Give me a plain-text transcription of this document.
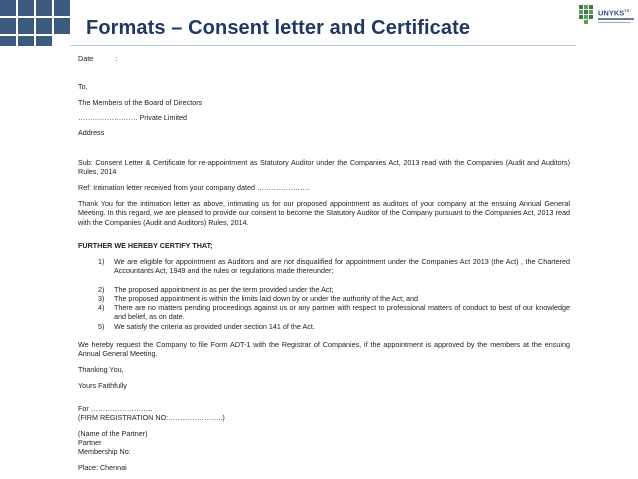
Formats – Consent letter and Certificate
$UNYKS^{TS}$
Date	:
To,
The Members of the Board of Directors
……………………. Private Limited
Address
Sub: Consent Letter & Certificate for re-appointment as Statutory Auditor under the Companies Act, 2013 read with the Companies (Audit and Auditors) Rules, 2014
Ref: Intimation letter received from your company dated ………………….
Thank You for the intimation letter as above, intimating us for our proposed appointment as auditors of your company at the ensuing Annual General Meeting. In this regard, we are pleased to provide our consent to become the Statutory Auditor of the Company pursuant to the Companies Act, 2013 read with the Companies (Audit and Auditors) Rules, 2014.
FURTHER WE HEREBY CERTIFY THAT;
1) We are eligible for appointment as Auditors and are not disqualified for appointment under the Companies Act 2013 (the Act) , the Chartered Accountants Act, 1949 and the rules or regulations made thereunder;
2) The proposed appointment is as per the term provided under the Act;
3) The proposed appointment is within the limits laid down by or under the authority of the Act; and
4) There are no matters pending proceedings against us or any partner with respect to professional matters of conduct to best of our knowledge and belief, as on date.
5) We satisfy the criteria as provided under section 141 of the Act.
We hereby request the Company to file Form ADT-1 with the Registrar of Companies, if the appointment is approved by the members at the ensuing Annual General Meeting.
Thanking You,
Yours Faithfully
For ……………………..
(FIRM REGISTRATION NO:…………………..)
(Name of the Partner)
Partner
Membership No:
Place: Chennai
